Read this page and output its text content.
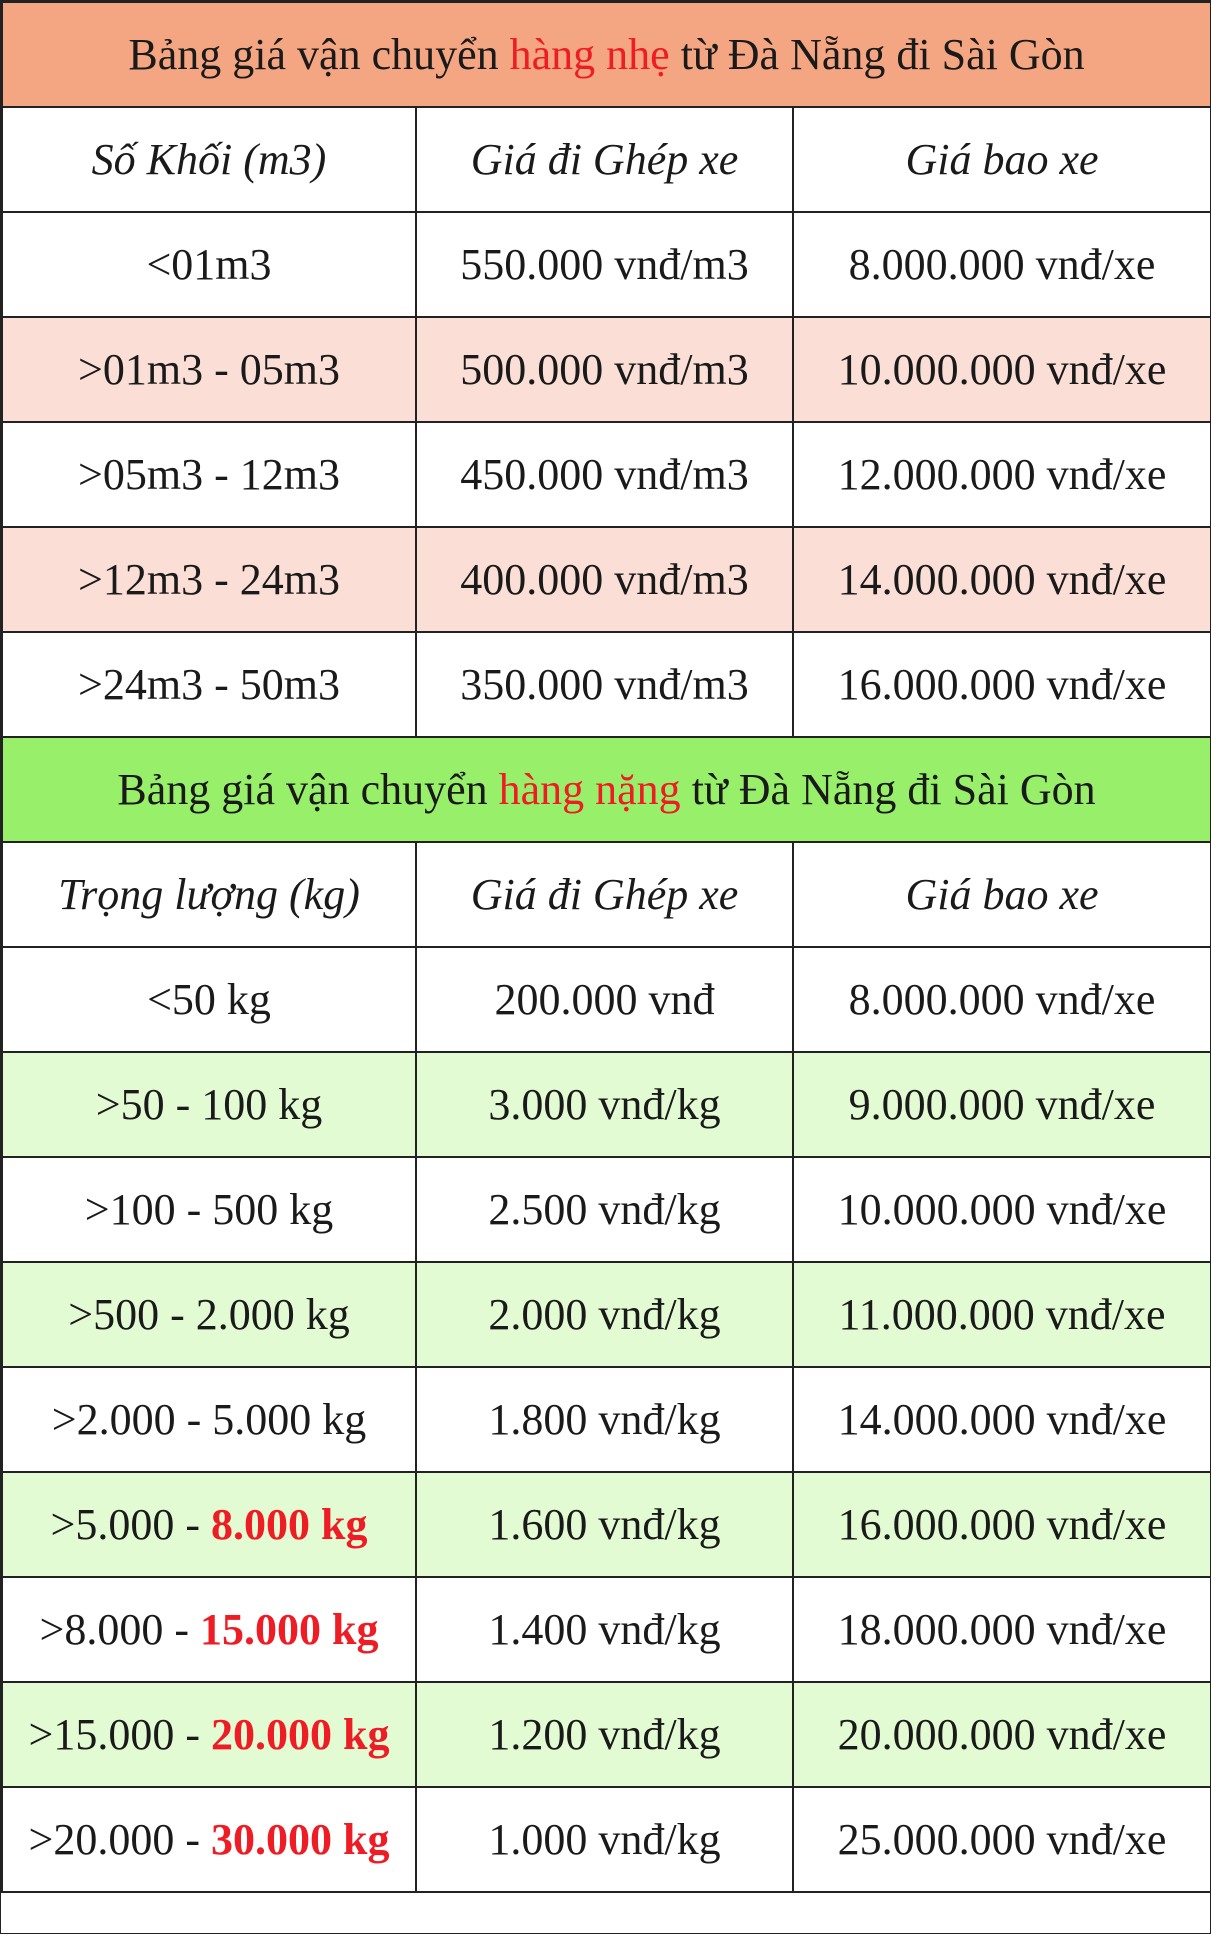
Bảng giá vận chuyển hàng nhẹ từ Đà Nẵng đi Sài Gòn		
Số Khối (m3)	Giá đi Ghép xe	Giá bao xe
<01m3	550.000 vnđ/m3	8.000.000 vnđ/xe
>01m3 - 05m3	500.000 vnđ/m3	10.000.000 vnđ/xe
>05m3 - 12m3	450.000 vnđ/m3	12.000.000 vnđ/xe
>12m3 - 24m3	400.000 vnđ/m3	14.000.000 vnđ/xe
>24m3 - 50m3	350.000 vnđ/m3	16.000.000 vnđ/xe
Bảng giá vận chuyển hàng nặng từ Đà Nẵng đi Sài Gòn		
Trọng lượng (kg)	Giá đi Ghép xe	Giá bao xe
<50 kg	200.000 vnđ	8.000.000 vnđ/xe
>50 - 100 kg	3.000 vnđ/kg	9.000.000 vnđ/xe
>100 - 500 kg	2.500 vnđ/kg	10.000.000 vnđ/xe
>500 - 2.000 kg	2.000 vnđ/kg	11.000.000 vnđ/xe
>2.000 - 5.000 kg	1.800 vnđ/kg	14.000.000 vnđ/xe
>5.000 - 8.000 kg	1.600 vnđ/kg	16.000.000 vnđ/xe
>8.000 - 15.000 kg	1.400 vnđ/kg	18.000.000 vnđ/xe
>15.000 - 20.000 kg	1.200 vnđ/kg	20.000.000 vnđ/xe
>20.000 - 30.000 kg	1.000 vnđ/kg	25.000.000 vnđ/xe
